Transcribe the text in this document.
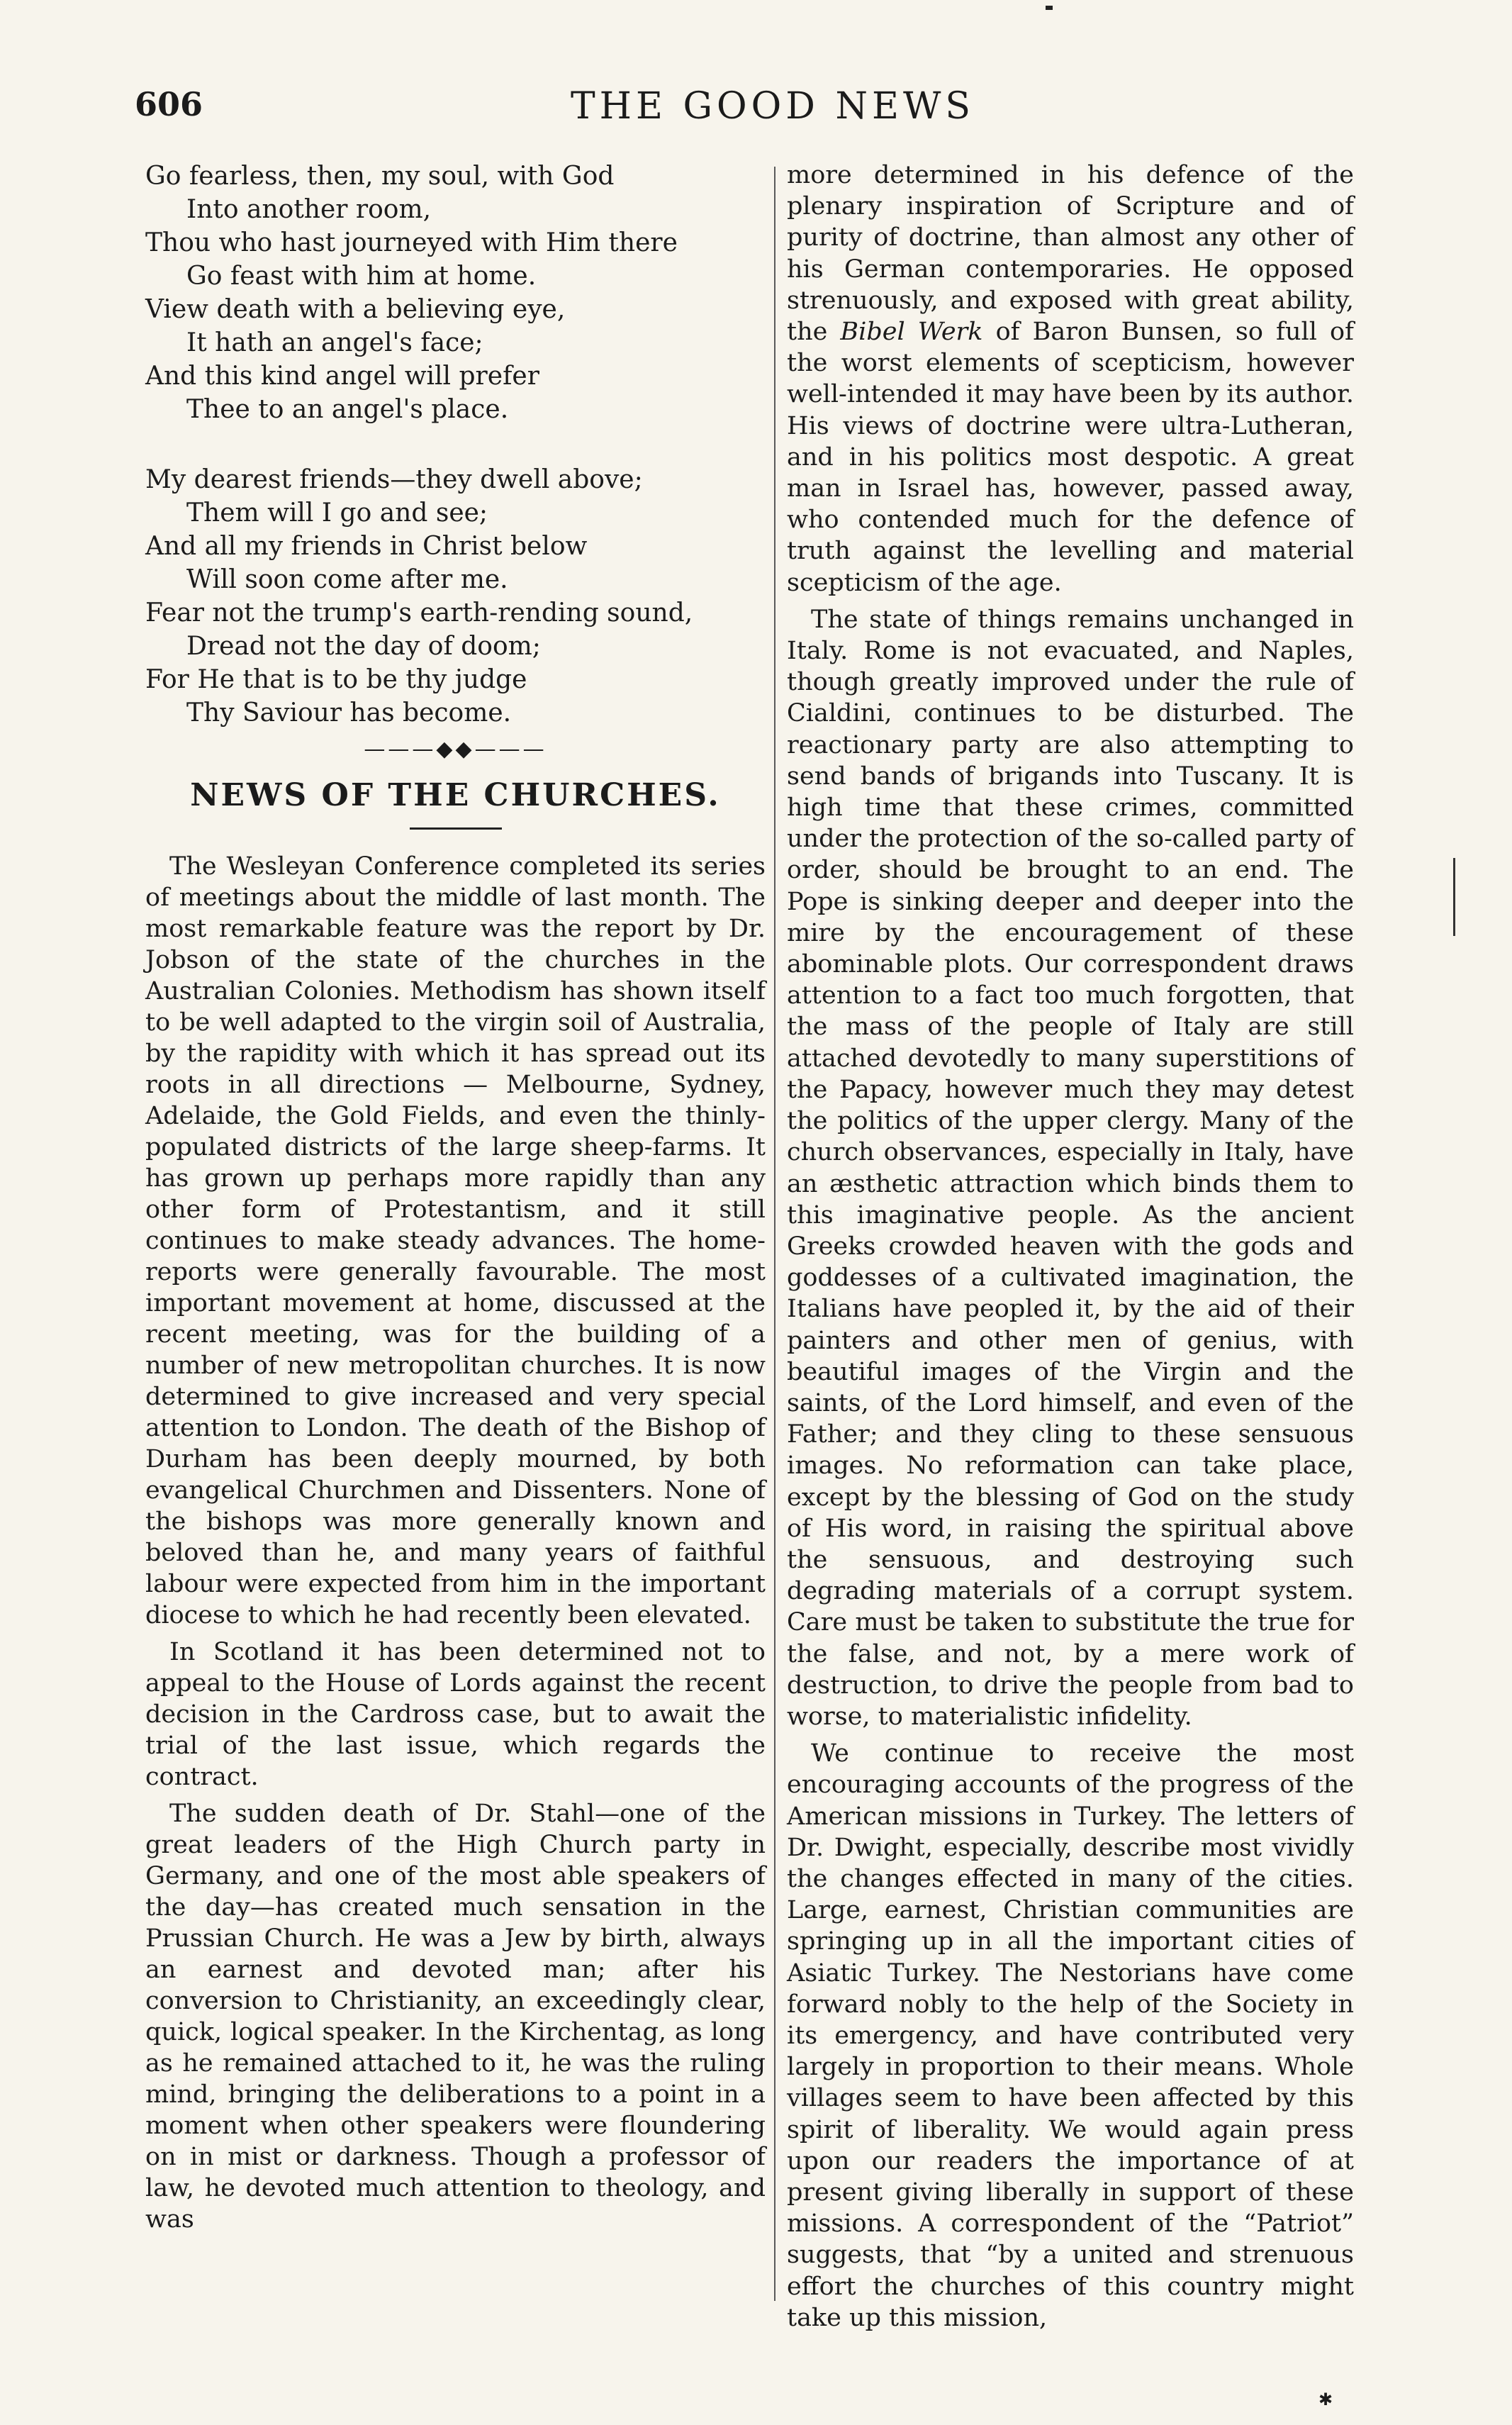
606	THE GOOD NEWS
Go fearless, then, my soul, with God
Into another room,
Thou who hast journeyed with Him there
Go feast with him at home.
View death with a believing eye,
It hath an angel's face;
And this kind angel will prefer
Thee to an angel's place.
My dearest friends—they dwell above;
Them will I go and see;
And all my friends in Christ below
Will soon come after me.
Fear not the trump's earth-rending sound,
Dread not the day of doom;
For He that is to be thy judge
Thy Saviour has become.
———◆◆———
NEWS OF THE CHURCHES.

The Wesleyan Conference completed its series of meetings about the middle of last month. The most remarkable feature was the report by Dr. Jobson of the state of the churches in the Australian Colonies. Methodism has shown itself to be well adapted to the virgin soil of Australia, by the rapidity with which it has spread out its roots in all directions — Melbourne, Sydney, Adelaide, the Gold Fields, and even the thinly-populated districts of the large sheep-farms. It has grown up perhaps more rapidly than any other form of Protestantism, and it still continues to make steady advances. The home-reports were generally favourable. The most important movement at home, discussed at the recent meeting, was for the building of a number of new metropolitan churches. It is now determined to give increased and very special attention to London. The death of the Bishop of Durham has been deeply mourned, by both evangelical Churchmen and Dissenters. None of the bishops was more generally known and beloved than he, and many years of faithful labour were expected from him in the important diocese to which he had recently been elevated.

In Scotland it has been determined not to appeal to the House of Lords against the recent decision in the Cardross case, but to await the trial of the last issue, which regards the contract.

The sudden death of Dr. Stahl—one of the great leaders of the High Church party in Germany, and one of the most able speakers of the day—has created much sensation in the Prussian Church. He was a Jew by birth, always an earnest and devoted man; after his conversion to Christianity, an exceedingly clear, quick, logical speaker. In the Kirchentag, as long as he remained attached to it, he was the ruling mind, bringing the deliberations to a point in a moment when other speakers were floundering on in mist or darkness. Though a professor of law, he devoted much attention to theology, and was

more determined in his defence of the plenary inspiration of Scripture and of purity of doctrine, than almost any other of his German contemporaries. He opposed strenuously, and exposed with great ability, the Bibel Werk of Baron Bunsen, so full of the worst elements of scepticism, however well-intended it may have been by its author. His views of doctrine were ultra-Lutheran, and in his politics most despotic. A great man in Israel has, however, passed away, who contended much for the defence of truth against the levelling and material scepticism of the age.

The state of things remains unchanged in Italy. Rome is not evacuated, and Naples, though greatly improved under the rule of Cialdini, continues to be disturbed. The reactionary party are also attempting to send bands of brigands into Tuscany. It is high time that these crimes, committed under the protection of the so-called party of order, should be brought to an end. The Pope is sinking deeper and deeper into the mire by the encouragement of these abominable plots. Our correspondent draws attention to a fact too much forgotten, that the mass of the people of Italy are still attached devotedly to many superstitions of the Papacy, however much they may detest the politics of the upper clergy. Many of the church observances, especially in Italy, have an æsthetic attraction which binds them to this imaginative people. As the ancient Greeks crowded heaven with the gods and goddesses of a cultivated imagination, the Italians have peopled it, by the aid of their painters and other men of genius, with beautiful images of the Virgin and the saints, of the Lord himself, and even of the Father; and they cling to these sensuous images. No reformation can take place, except by the blessing of God on the study of His word, in raising the spiritual above the sensuous, and destroying such degrading materials of a corrupt system. Care must be taken to substitute the true for the false, and not, by a mere work of destruction, to drive the people from bad to worse, to materialistic infidelity.

We continue to receive the most encouraging accounts of the progress of the American missions in Turkey. The letters of Dr. Dwight, especially, describe most vividly the changes effected in many of the cities. Large, earnest, Christian communities are springing up in all the important cities of Asiatic Turkey. The Nestorians have come forward nobly to the help of the Society in its emergency, and have contributed very largely in proportion to their means. Whole villages seem to have been affected by this spirit of liberality. We would again press upon our readers the importance of at present giving liberally in support of these missions. A correspondent of the “Patriot” suggests, that “by a united and strenuous effort the churches of this country might take up this mission,

✱
